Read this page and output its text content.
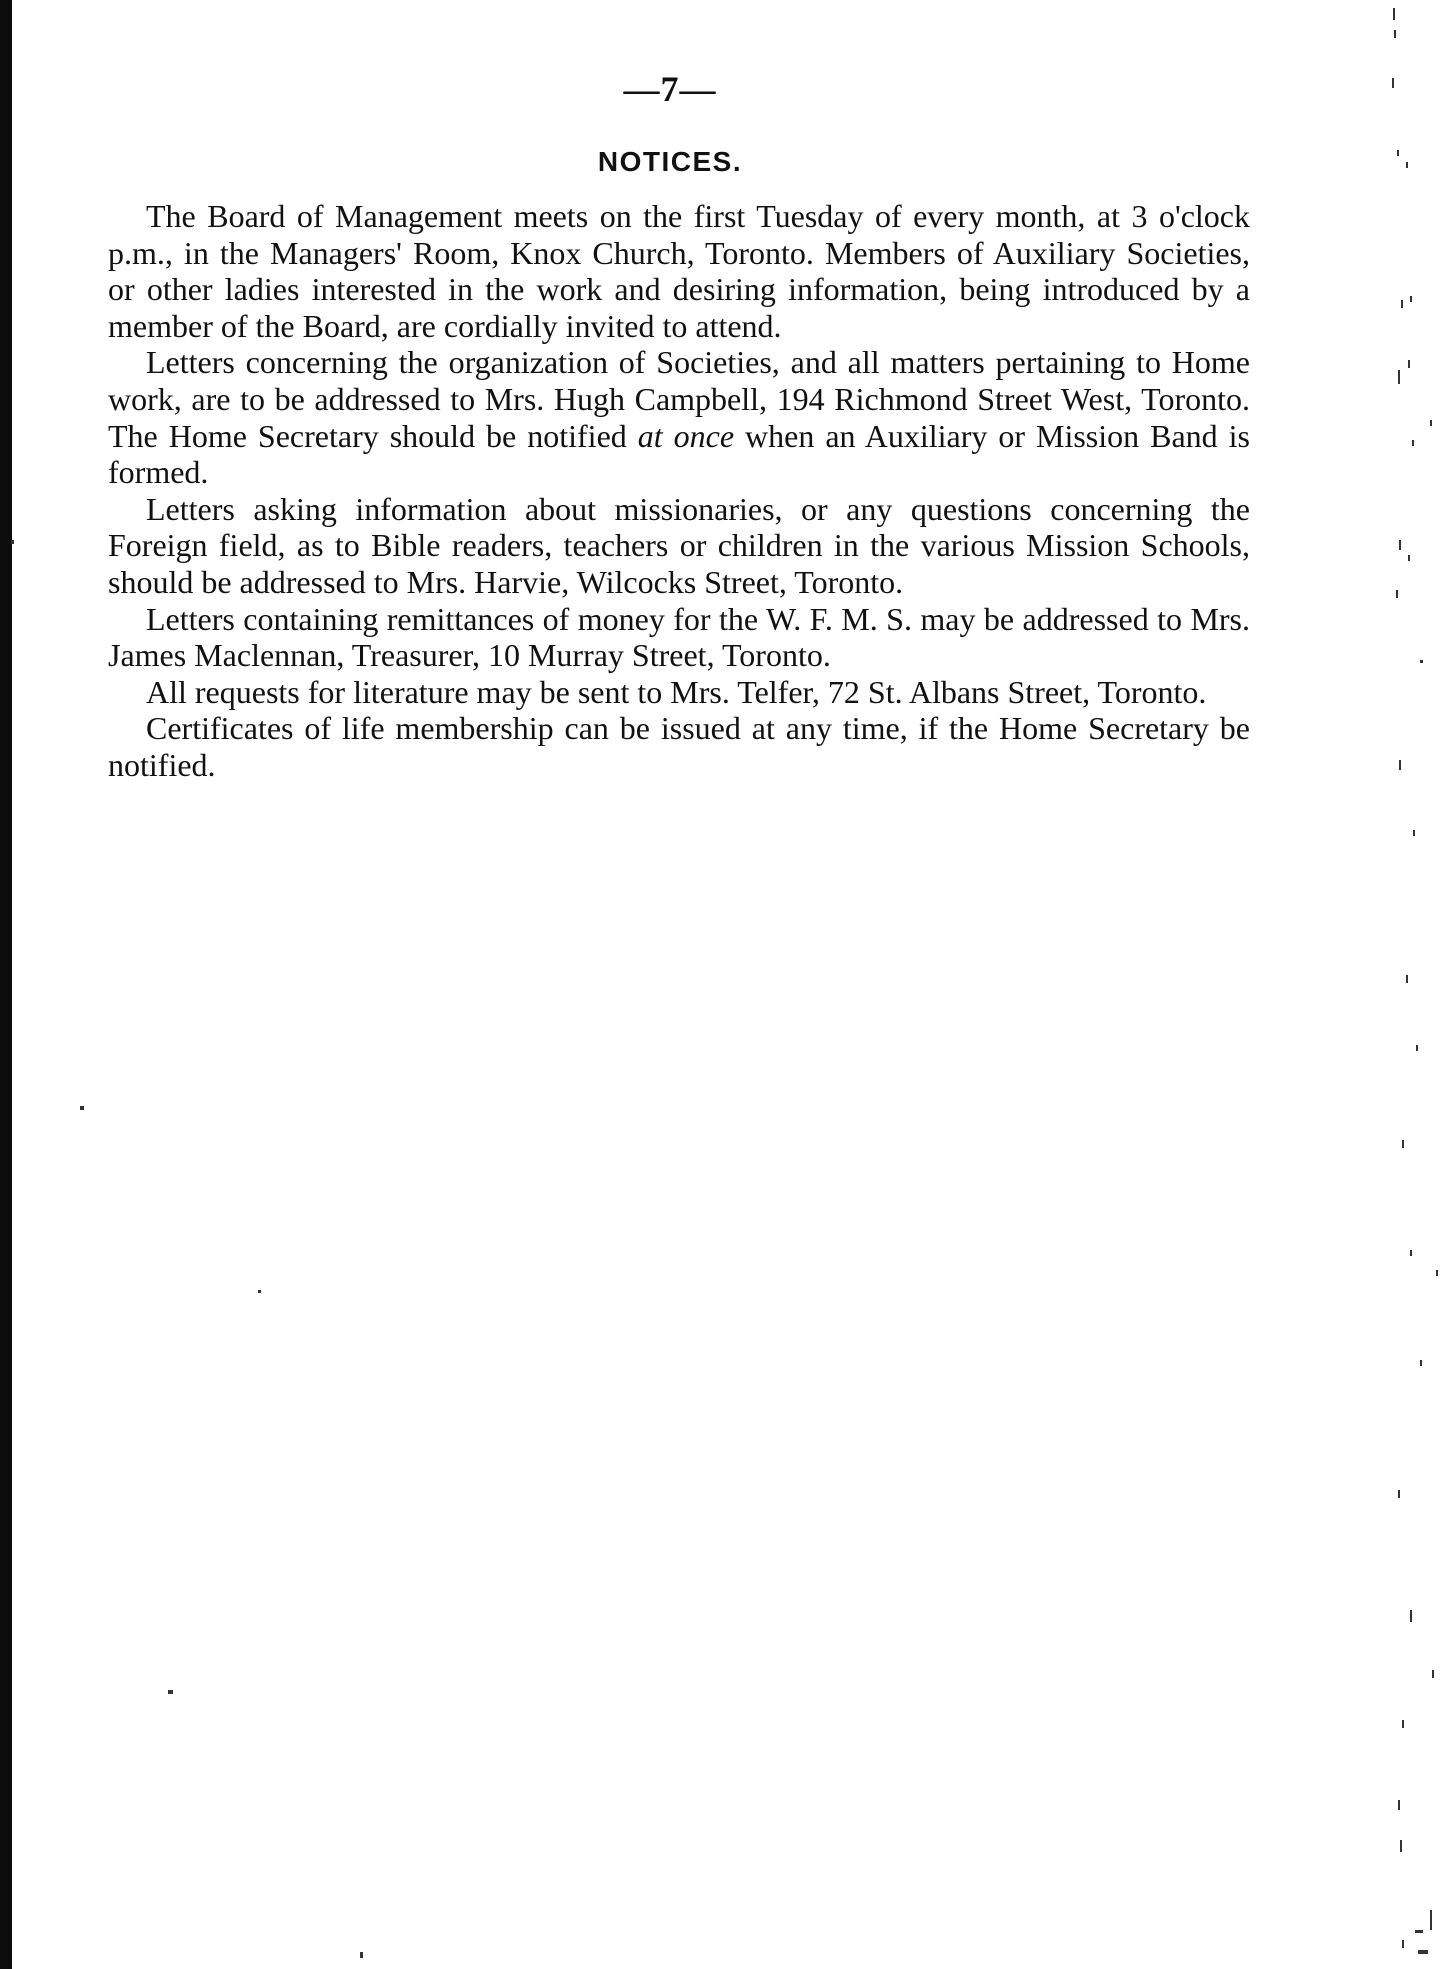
—7—
NOTICES.

The Board of Management meets on the first Tuesday of every month, at 3 o'clock p.m., in the Managers' Room, Knox Church, Toronto. Members of Auxiliary Societies, or other ladies interested in the work and desiring information, being introduced by a member of the Board, are cordially invited to attend.

Letters concerning the organization of Societies, and all matters pertaining to Home work, are to be addressed to Mrs. Hugh Campbell, 194 Richmond Street West, Toronto. The Home Secretary should be notified at once when an Auxiliary or Mission Band is formed.

Letters asking information about missionaries, or any questions concerning the Foreign field, as to Bible readers, teachers or children in the various Mission Schools, should be addressed to Mrs. Harvie, Wilcocks Street, Toronto.

Letters containing remittances of money for the W. F. M. S. may be addressed to Mrs. James Maclennan, Treasurer, 10 Murray Street, Toronto.

All requests for literature may be sent to Mrs. Telfer, 72 St. Albans Street, Toronto.

Certificates of life membership can be issued at any time, if the Home Secretary be notified.
